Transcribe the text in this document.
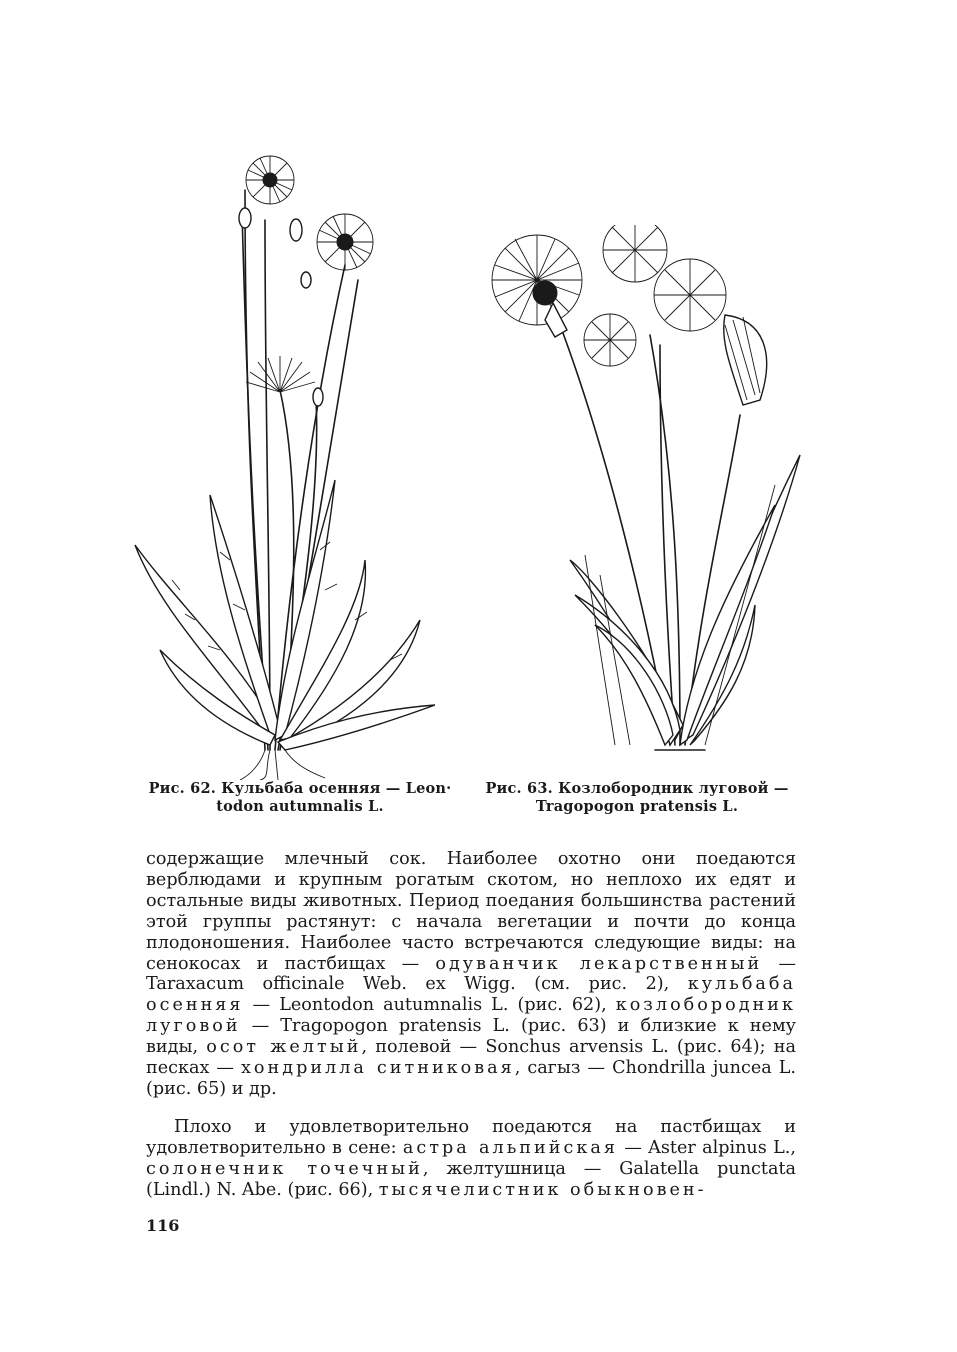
Рис. 62. Кульбаба осенняя — Leon·
todon autumnalis L.
Рис. 63. Козлобородник луговой —
Tragopogon pratensis L.
содержащие млечный сок. Наиболее охотно они поедаются верблюдами и крупным рогатым скотом, но неплохо их едят и остальные виды животных. Период поедания большинства растений этой группы растянут: с начала вегетации и почти до конца плодоношения. Наиболее часто встречаются следующие виды: на сенокосах и пастбищах — одуванчик лекарственный — Taraxacum officinale Web. ex Wigg. (см. рис. 2), кульбаба осенняя — Leontodon autumnalis L. (рис. 62), козлобородник луговой — Tragopogon pratensis L. (рис. 63) и близкие к нему виды, осот желтый, полевой — Sonchus arvensis L. (рис. 64); на песках — хондрилла ситниковая, сагыз — Chondrilla juncea L. (рис. 65) и др.
Плохо и удовлетворительно поедаются на пастбищах и удовлетворительно в сене: астра альпийская — Aster alpinus L., солонечник точечный, желтушница — Galatella punctata (Lindl.) N. Abe. (рис. 66), тысячелистник обыкновен-
116
